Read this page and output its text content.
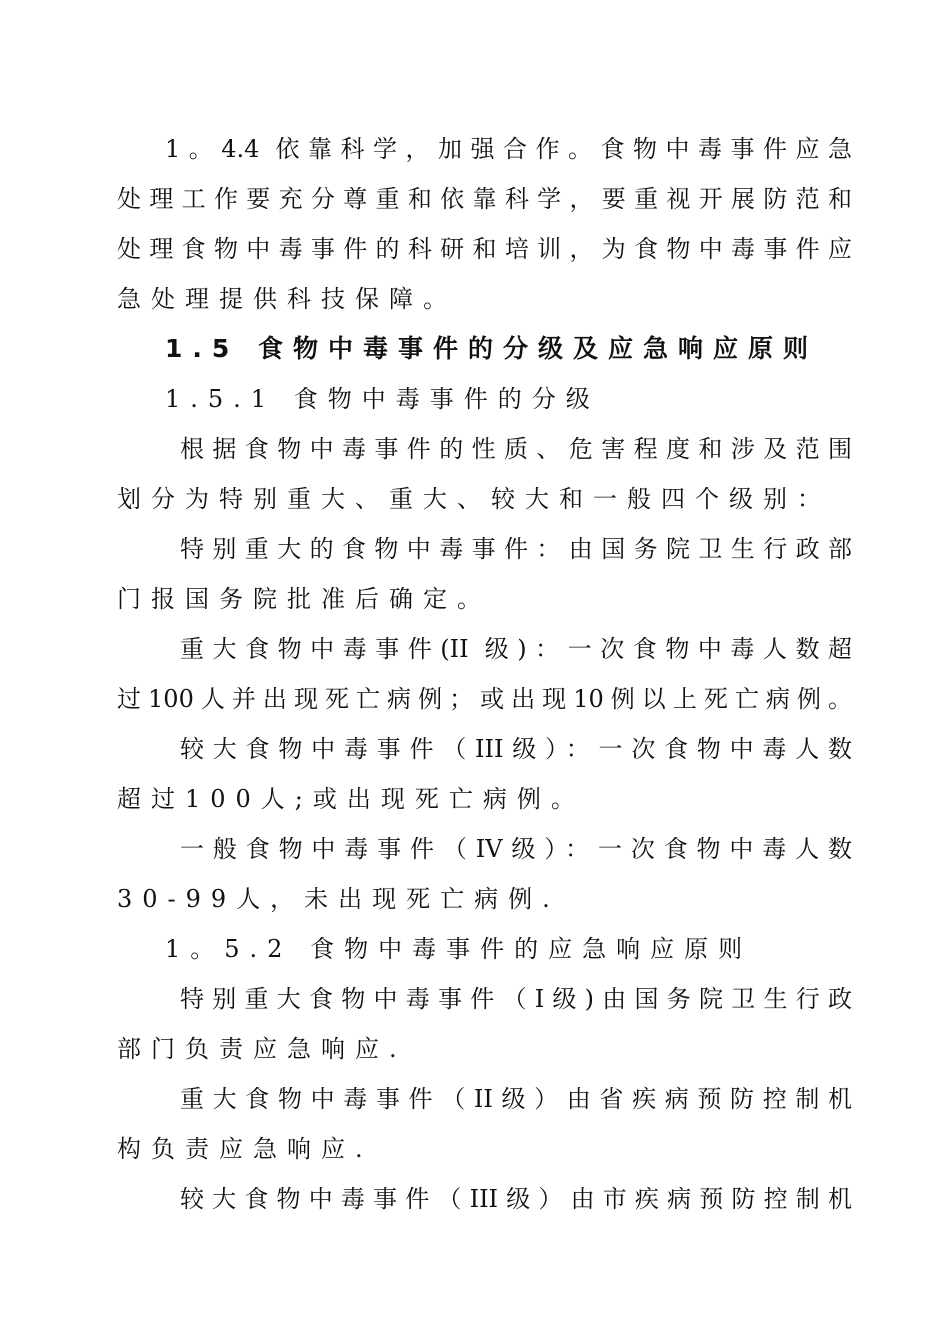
1。4.4 依靠科学，加强合作。食物中毒事件应急
处理工作要充分尊重和依靠科学，要重视开展防范和
处理食物中毒事件的科研和培训，为食物中毒事件应
急处理提供科技保障。
1.5 食物中毒事件的分级及应急响应原则
1.5.1 食物中毒事件的分级
根据食物中毒事件的性质、危害程度和涉及范围
划分为特别重大、重大、较大和一般四个级别：
特别重大的食物中毒事件：由国务院卫生行政部
门报国务院批准后确定。
重大食物中毒事件(II 级)：一次食物中毒人数超
过100人并出现死亡病例；或出现10例以上死亡病例。
较大食物中毒事件（III级）：一次食物中毒人数
超过100人;或出现死亡病例。
一般食物中毒事件（IV级）：一次食物中毒人数
30-99人，未出现死亡病例.
1。5.2 食物中毒事件的应急响应原则
特别重大食物中毒事件（I级)由国务院卫生行政
部门负责应急响应.
重大食物中毒事件（II级）由省疾病预防控制机
构负责应急响应.
较大食物中毒事件（III级）由市疾病预防控制机
